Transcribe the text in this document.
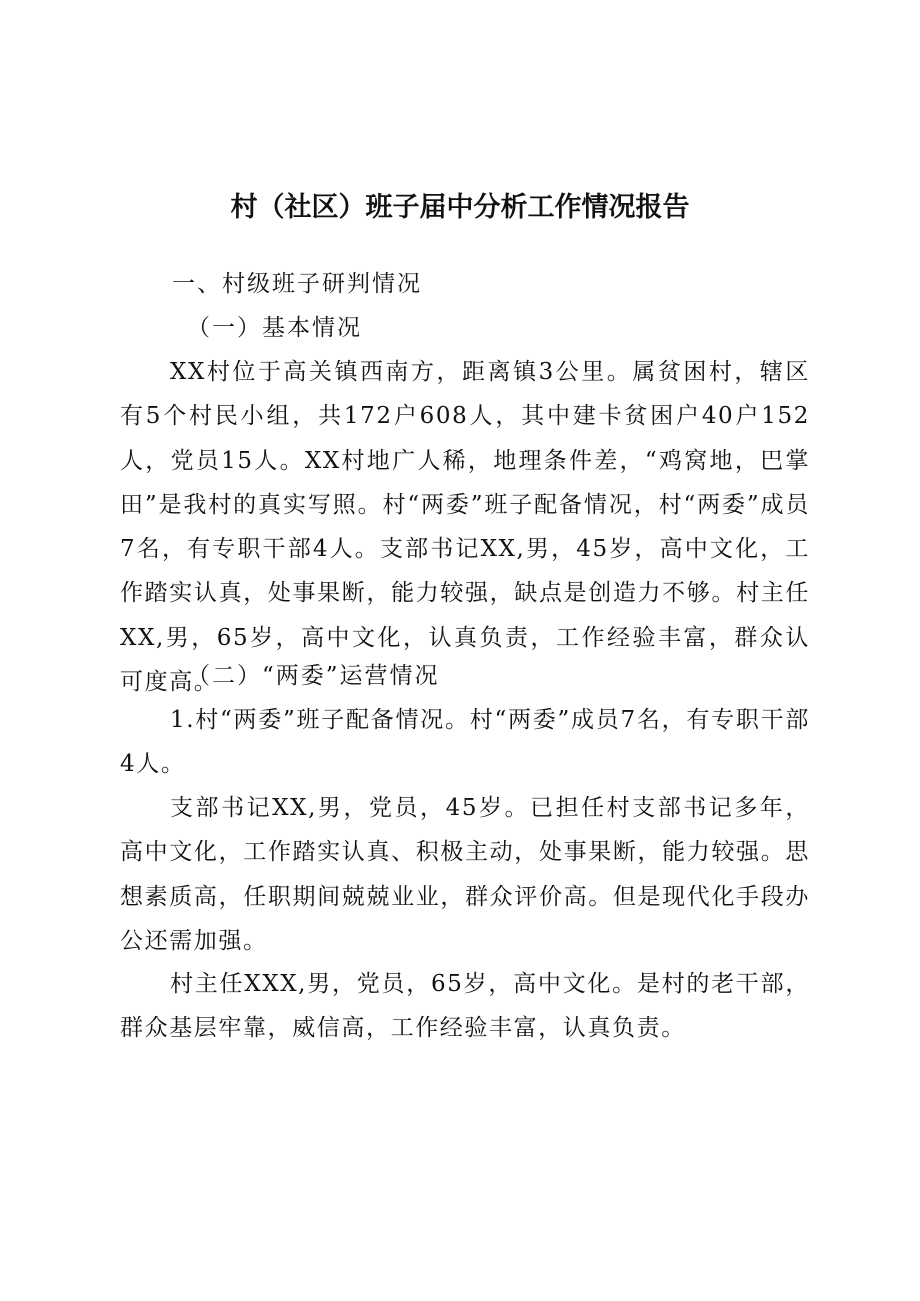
村（社区）班子届中分析工作情况报告

一、村级班子研判情况

（一）基本情况

XX村位于高关镇西南方，距离镇3公里。属贫困村，辖区有5个村民小组，共172户608人，其中建卡贫困户40户152人，党员15人。XX村地广人稀，地理条件差，“鸡窝地，巴掌田”是我村的真实写照。村“两委”班子配备情况，村“两委”成员7名，有专职干部4人。支部书记XX,男，45岁，高中文化，工作踏实认真，处事果断，能力较强，缺点是创造力不够。村主任XX,男，65岁，高中文化，认真负责，工作经验丰富，群众认可度高。

（二）“两委”运营情况

1.村“两委”班子配备情况。村“两委”成员7名，有专职干部4人。

支部书记XX,男，党员，45岁。已担任村支部书记多年，高中文化，工作踏实认真、积极主动，处事果断，能力较强。思想素质高，任职期间兢兢业业，群众评价高。但是现代化手段办公还需加强。

村主任XXX,男，党员，65岁，高中文化。是村的老干部，群众基层牢靠，威信高，工作经验丰富，认真负责。
